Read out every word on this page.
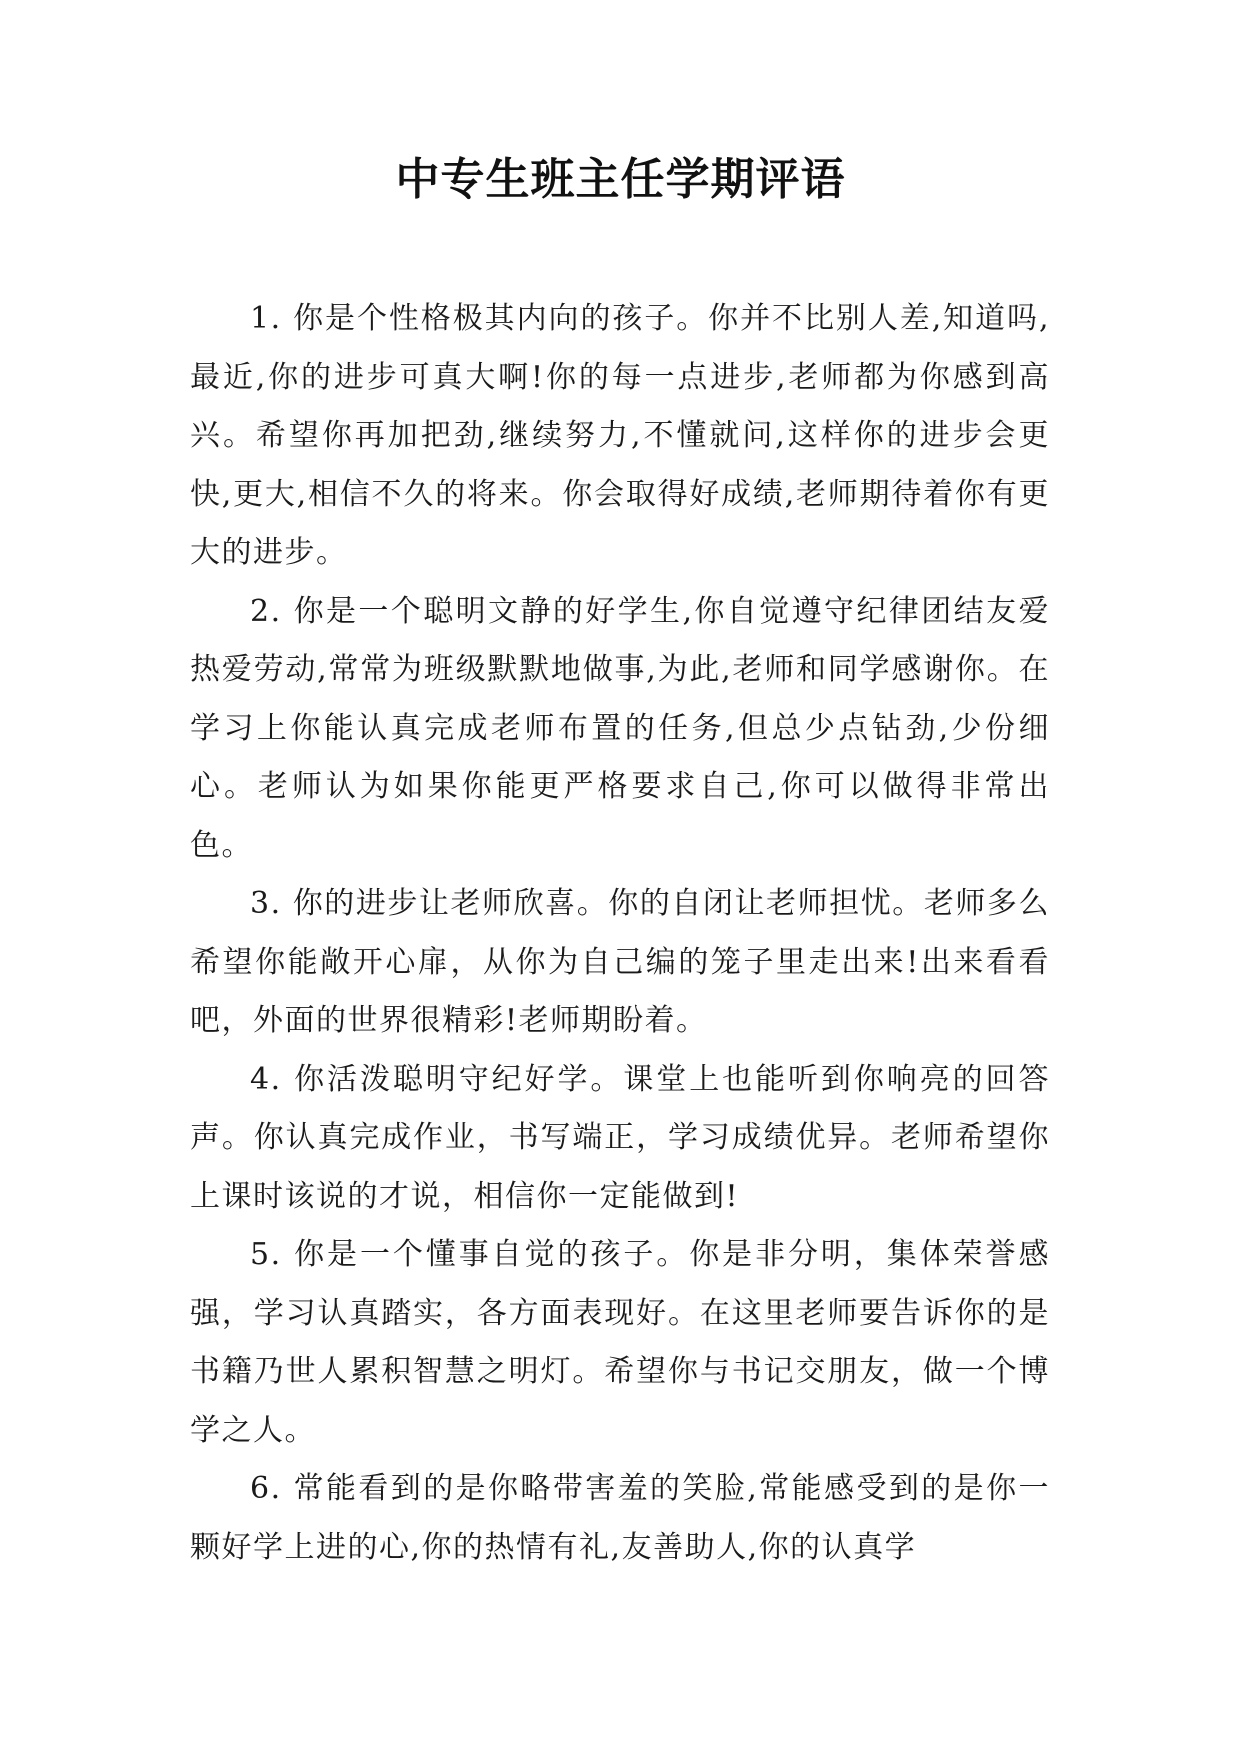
中专生班主任学期评语

1. 你是个性格极其内向的孩子。你并不比别人差,知道吗,最近,你的进步可真大啊!你的每一点进步,老师都为你感到高兴。希望你再加把劲,继续努力,不懂就问,这样你的进步会更快,更大,相信不久的将来。你会取得好成绩,老师期待着你有更大的进步。

2. 你是一个聪明文静的好学生,你自觉遵守纪律团结友爱热爱劳动,常常为班级默默地做事,为此,老师和同学感谢你。在学习上你能认真完成老师布置的任务,但总少点钻劲,少份细心。老师认为如果你能更严格要求自己,你可以做得非常出色。

3. 你的进步让老师欣喜。你的自闭让老师担忧。老师多么希望你能敞开心扉，从你为自己编的笼子里走出来!出来看看吧，外面的世界很精彩!老师期盼着。

4. 你活泼聪明守纪好学。课堂上也能听到你响亮的回答声。你认真完成作业，书写端正，学习成绩优异。老师希望你上课时该说的才说，相信你一定能做到!

5. 你是一个懂事自觉的孩子。你是非分明，集体荣誉感强，学习认真踏实，各方面表现好。在这里老师要告诉你的是书籍乃世人累积智慧之明灯。希望你与书记交朋友，做一个博学之人。

6. 常能看到的是你略带害羞的笑脸,常能感受到的是你一颗好学上进的心,你的热情有礼,友善助人,你的认真学
